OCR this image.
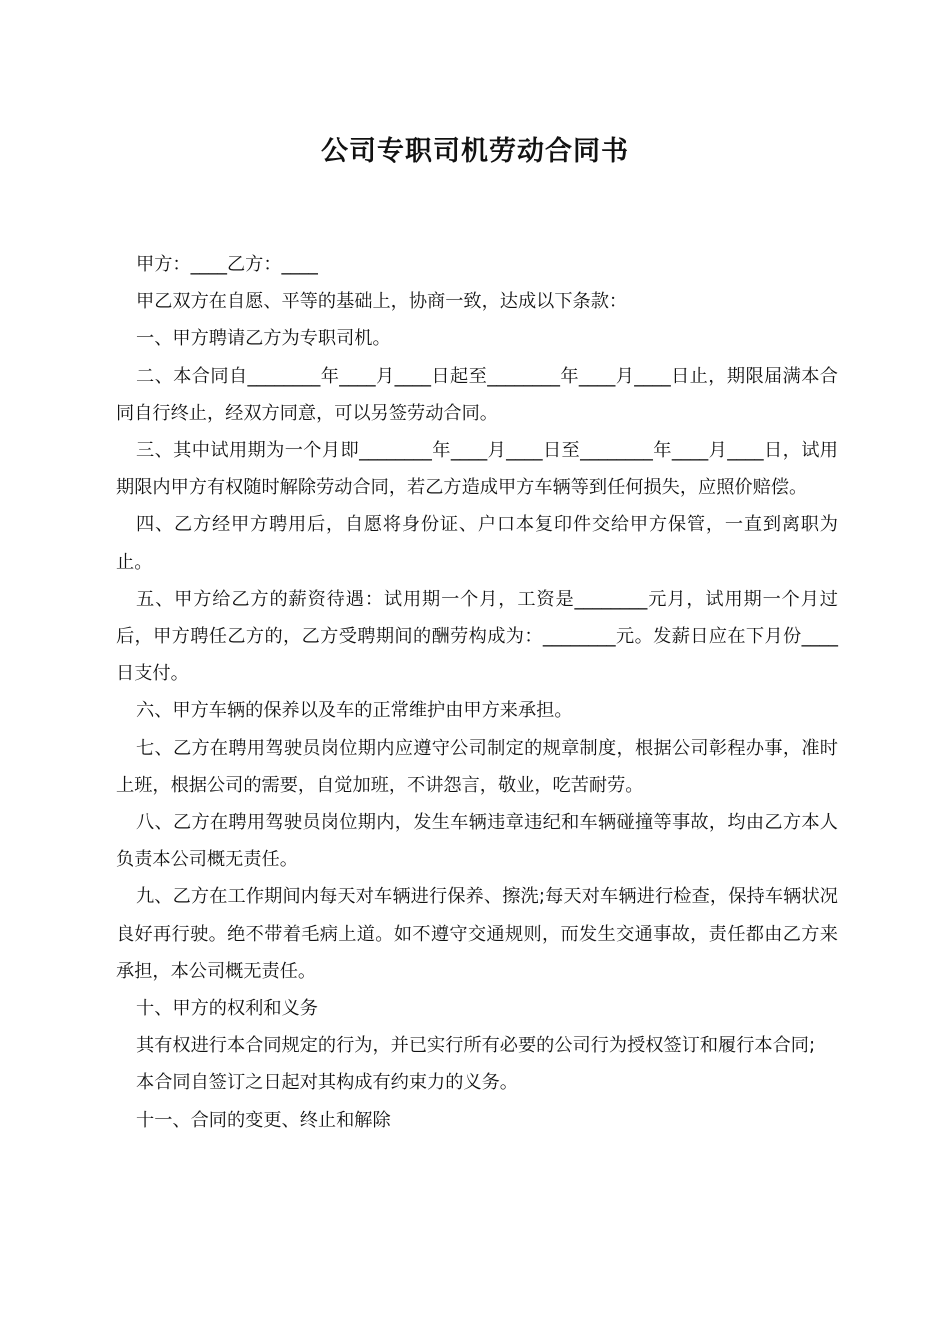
公司专职司机劳动合同书

甲方：____乙方：____

甲乙双方在自愿、平等的基础上，协商一致，达成以下条款：

一、甲方聘请乙方为专职司机。

二、本合同自________年____月____日起至________年____月____日止，期限届满本合同自行终止，经双方同意，可以另签劳动合同。

三、其中试用期为一个月即________年____月____日至________年____月____日，试用期限内甲方有权随时解除劳动合同，若乙方造成甲方车辆等到任何损失，应照价赔偿。

四、乙方经甲方聘用后，自愿将身份证、户口本复印件交给甲方保管，一直到离职为止。

五、甲方给乙方的薪资待遇：试用期一个月，工资是________元月，试用期一个月过后，甲方聘任乙方的，乙方受聘期间的酬劳构成为：________元。发薪日应在下月份____日支付。

六、甲方车辆的保养以及车的正常维护由甲方来承担。

七、乙方在聘用驾驶员岗位期内应遵守公司制定的规章制度，根据公司彰程办事，准时上班，根据公司的需要，自觉加班，不讲怨言，敬业，吃苦耐劳。

八、乙方在聘用驾驶员岗位期内，发生车辆违章违纪和车辆碰撞等事故，均由乙方本人负责本公司概无责任。

九、乙方在工作期间内每天对车辆进行保养、擦洗;每天对车辆进行检查，保持车辆状况良好再行驶。绝不带着毛病上道。如不遵守交通规则，而发生交通事故，责任都由乙方来承担，本公司概无责任。

十、甲方的权利和义务

其有权进行本合同规定的行为，并已实行所有必要的公司行为授权签订和履行本合同;

本合同自签订之日起对其构成有约束力的义务。

十一、合同的变更、终止和解除
